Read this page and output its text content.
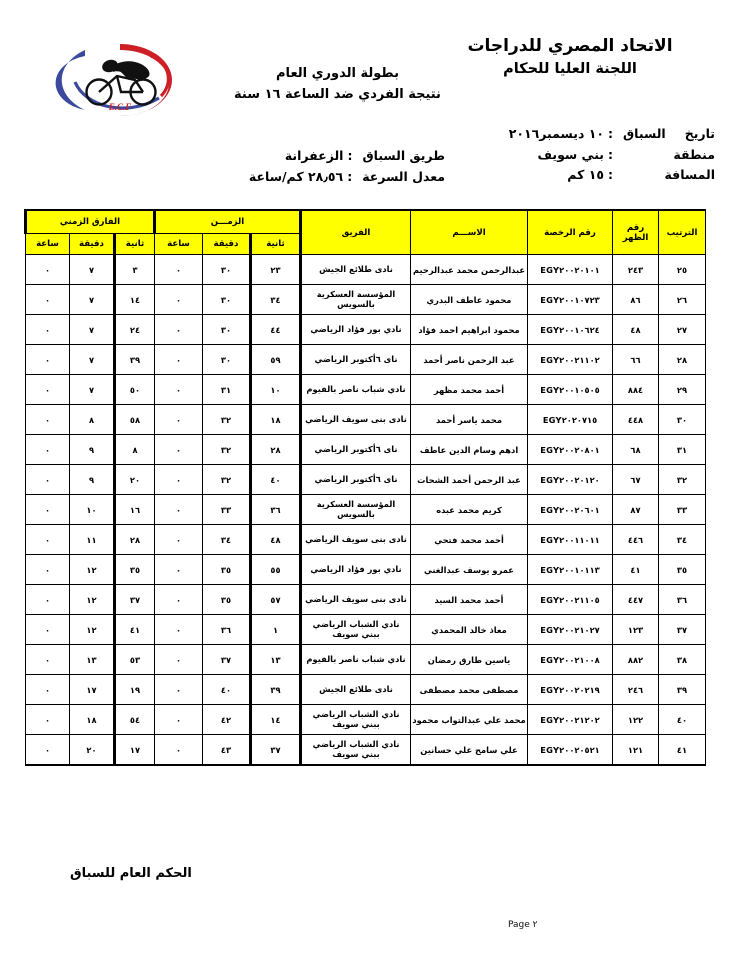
E.C.F
الاتحاد المصري للدراجات
اللجنة العليا للحكام
بطولة الدوري العام
نتيجة الفردي ضد الساعة ١٦ سنة
تاريخ السباق
:
١٠ ديسمبر٢٠١٦
منطقة
:
بني سويف
المسافة
:
١٥ كم
طريق السباق
:
الزعفرانة
معدل السرعة
:
٢٨٫٥٦ كم/ساعة
الترتيب	رقم الظهر	رقم الرخصة	الاســـم	الفريق	الزمـــن			الفارق الزمني		
					ثانية	دقيقة	ساعة	ثانية	دقيقة	ساعة
٢٥	٢٤٣	EGY٢٠٠٢٠١٠١	عبدالرحمن محمد عبدالرحيم	نادى طلائع الجيش	٢٣	٣٠	٠	٣	٧	٠
٢٦	٨٦	EGY٢٠٠١٠٧٢٣	محمود عاطف البدري	المؤسسة العسكرية بالسويس	٣٤	٣٠	٠	١٤	٧	٠
٢٧	٤٨	EGY٢٠٠١٠٦٢٤	محمود ابراهيم احمد فؤاد	نادي بور فؤاد الرياضي	٤٤	٣٠	٠	٢٤	٧	٠
٢٨	٦٦	EGY٢٠٠٢١١٠٢	عبد الرحمن ناصر أحمد	ناى ٦أكتوبر الرياضي	٥٩	٣٠	٠	٣٩	٧	٠
٢٩	٨٨٤	EGY٢٠٠١٠٥٠٥	أحمد محمد مظهر	نادي شباب ناصر بالفيوم	١٠	٣١	٠	٥٠	٧	٠
٣٠	٤٤٨	EGY٢٠٢٠٧١٥	محمد ياسر أحمد	نادى بنى سويف الرياضي	١٨	٣٢	٠	٥٨	٨	٠
٣١	٦٨	EGY٢٠٠٢٠٨٠١	ادهم وسام الدين عاطف	ناى ٦أكتوبر الرياضي	٢٨	٣٢	٠	٨	٩	٠
٣٢	٦٧	EGY٢٠٠٢٠١٢٠	عبد الرحمن أحمد الشحات	ناى ٦أكتوبر الرياضي	٤٠	٣٢	٠	٢٠	٩	٠
٣٣	٨٧	EGY٢٠٠٢٠٦٠١	كريم محمد عبده	المؤسسة العسكرية بالسويس	٣٦	٣٣	٠	١٦	١٠	٠
٣٤	٤٤٦	EGY٢٠٠١١٠١١	أحمد محمد فتحي	نادى بنى سويف الرياضي	٤٨	٣٤	٠	٢٨	١١	٠
٣٥	٤١	EGY٢٠٠١٠١١٣	عمرو يوسف عبدالغني	نادي بور فؤاد الرياضي	٥٥	٣٥	٠	٣٥	١٢	٠
٣٦	٤٤٧	EGY٢٠٠٢١١٠٥	أحمد محمد السيد	نادى بنى سويف الرياضي	٥٧	٣٥	٠	٣٧	١٢	٠
٣٧	١٢٣	EGY٢٠٠٢١٠٢٧	معاذ خالد المحمدي	نادي الشباب الرياضي ببني سويف	١	٣٦	٠	٤١	١٢	٠
٣٨	٨٨٢	EGY٢٠٠٢١٠٠٨	ياسين طارق رمضان	نادي شباب ناصر بالفيوم	١٣	٣٧	٠	٥٣	١٣	٠
٣٩	٢٤٦	EGY٢٠٠٢٠٢١٩	مصطفى محمد مصطفى	نادى طلائع الجيش	٣٩	٤٠	٠	١٩	١٧	٠
٤٠	١٢٢	EGY٢٠٠٢١٢٠٢	محمد علي عبدالتواب محمود	نادي الشباب الرياضي ببني سويف	١٤	٤٢	٠	٥٤	١٨	٠
٤١	١٢١	EGY٢٠٠٢٠٥٢١	علي سامح علي حسانين	نادي الشباب الرياضي ببني سويف	٣٧	٤٣	٠	١٧	٢٠	٠
الحكم العام للسباق
Page ٢
